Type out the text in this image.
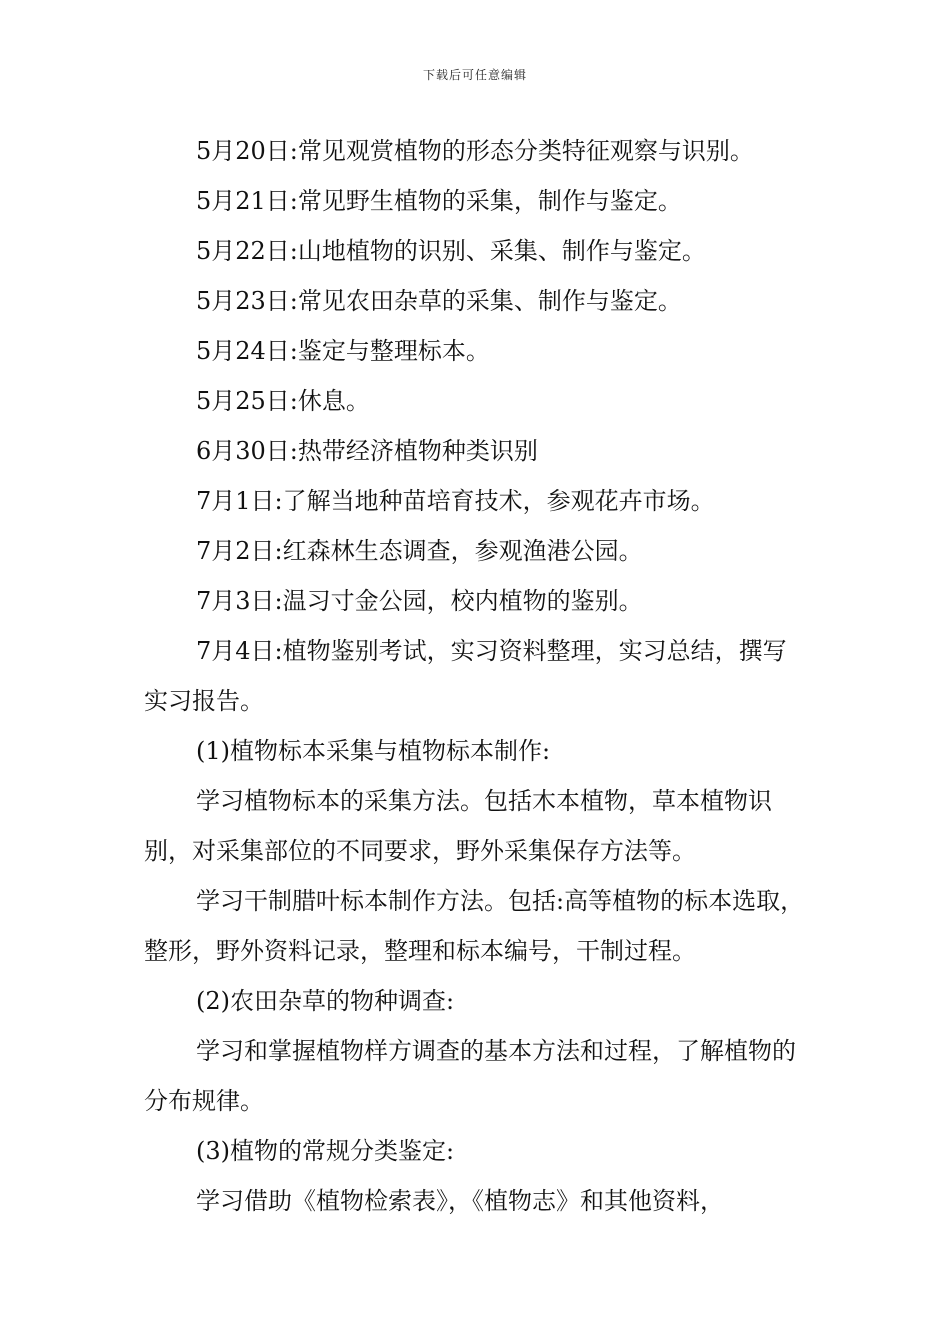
下载后可任意编辑

5月20日:常见观赏植物的形态分类特征观察与识别。

5月21日:常见野生植物的采集，制作与鉴定。

5月22日:山地植物的识别、采集、制作与鉴定。

5月23日:常见农田杂草的采集、制作与鉴定。

5月24日:鉴定与整理标本。

5月25日:休息。

6月30日:热带经济植物种类识别

7月1日:了解当地种苗培育技术，参观花卉市场。

7月2日:红森林生态调查，参观渔港公园。

7月3日:温习寸金公园，校内植物的鉴别。

7月4日:植物鉴别考试，实习资料整理，实习总结，撰写实习报告。

(1)植物标本采集与植物标本制作:

学习植物标本的采集方法。包括木本植物，草本植物识别，对采集部位的不同要求，野外采集保存方法等。

学习干制腊叶标本制作方法。包括:高等植物的标本选取，整形，野外资料记录，整理和标本编号，干制过程。

(2)农田杂草的物种调查:

学习和掌握植物样方调查的基本方法和过程，了解植物的分布规律。

(3)植物的常规分类鉴定:

学习借助《植物检索表》，《植物志》和其他资料，
